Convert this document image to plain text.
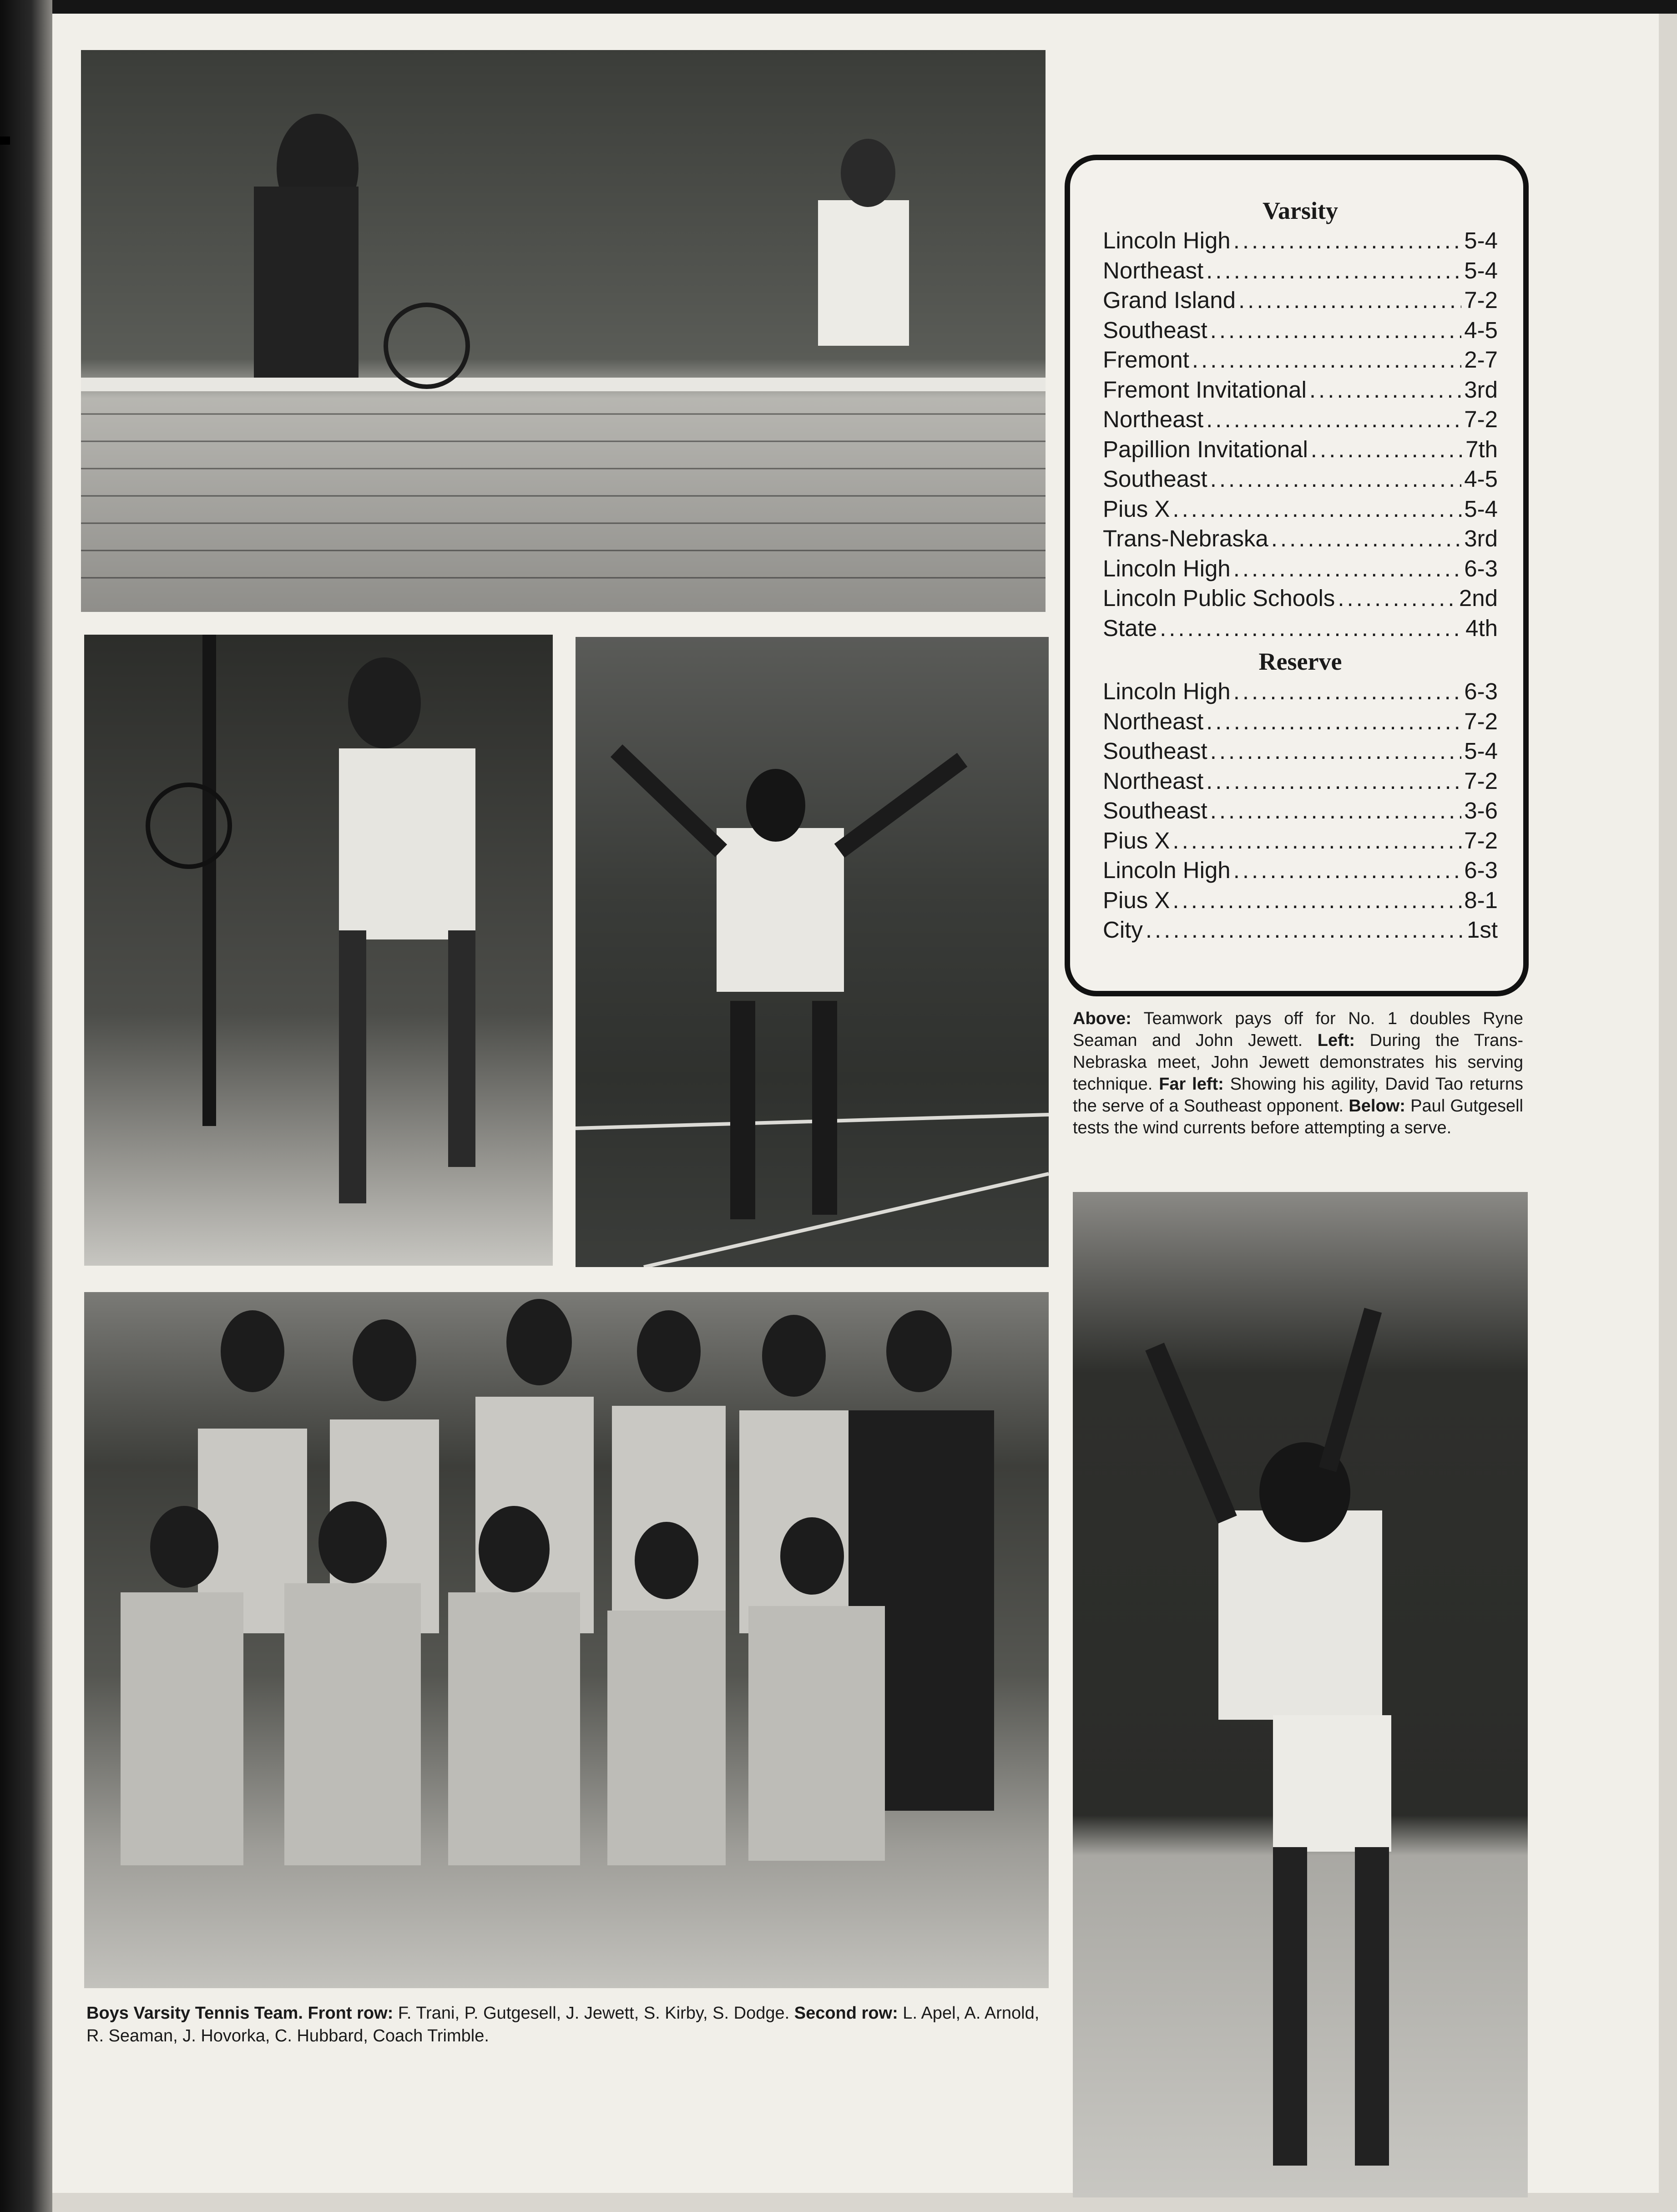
Varsity
Lincoln High .....	5-4
Northeast .....	5-4
Grand Island .....	7-2
Southeast .....	4-5
Fremont .....	2-7
Fremont Invitational .....	3rd
Northeast .....	7-2
Papillion Invitational .....	7th
Southeast .....	4-5
Pius X .....	5-4
Trans-Nebraska .....	3rd
Lincoln High .....	6-3
Lincoln Public Schools .....	2nd
State .....	4th
Reserve
Lincoln High .....	6-3
Northeast .....	7-2
Southeast .....	5-4
Northeast .....	7-2
Southeast .....	3-6
Pius X .....	7-2
Lincoln High .....	6-3
Pius X .....	8-1
City .....	1st
Above: Teamwork pays off for No. 1 doubles Ryne Seaman and John Jewett. Left: During the Trans-Nebraska meet, John Jewett demonstrates his serving technique. Far left: Showing his agility, David Tao returns the serve of a Southeast opponent. Below: Paul Gutgesell tests the wind currents before attempting a serve.
Boys Varsity Tennis Team. Front row: F. Trani, P. Gutgesell, J. Jewett, S. Kirby, S. Dodge. Second row: L. Apel, A. Arnold, R. Seaman, J. Hovorka, C. Hubbard, Coach Trimble.
